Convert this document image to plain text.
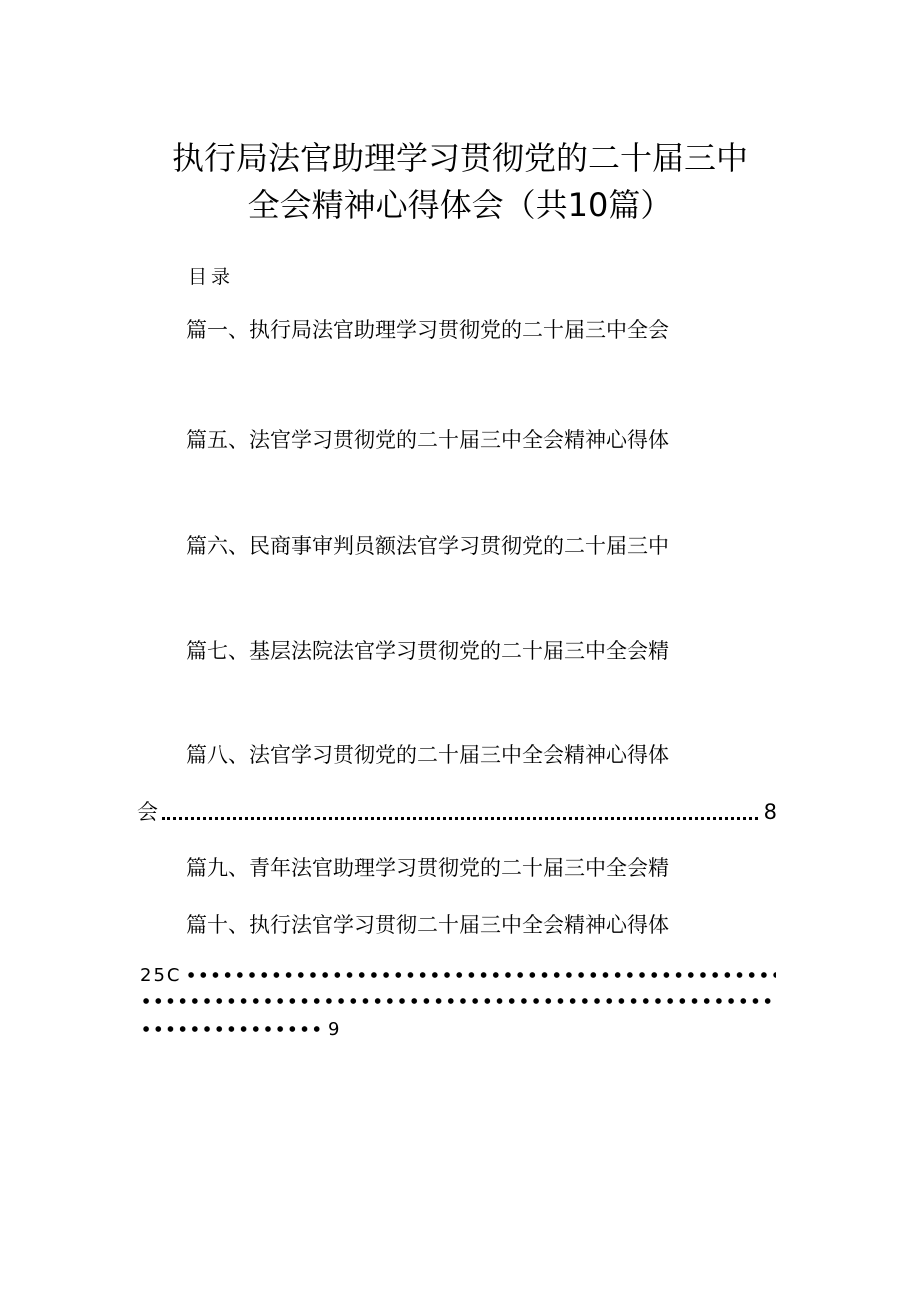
执行局法官助理学习贯彻党的二十届三中
全会精神心得体会（共10篇）
目录
篇一、执行局法官助理学习贯彻党的二十届三中全会
篇五、法官学习贯彻党的二十届三中全会精神心得体
篇六、民商事审判员额法官学习贯彻党的二十届三中
篇七、基层法院法官学习贯彻党的二十届三中全会精
篇八、法官学习贯彻党的二十届三中全会精神心得体
会	8
篇九、青年法官助理学习贯彻党的二十届三中全会精
篇十、执行法官学习贯彻二十届三中全会精神心得体
25C
9
